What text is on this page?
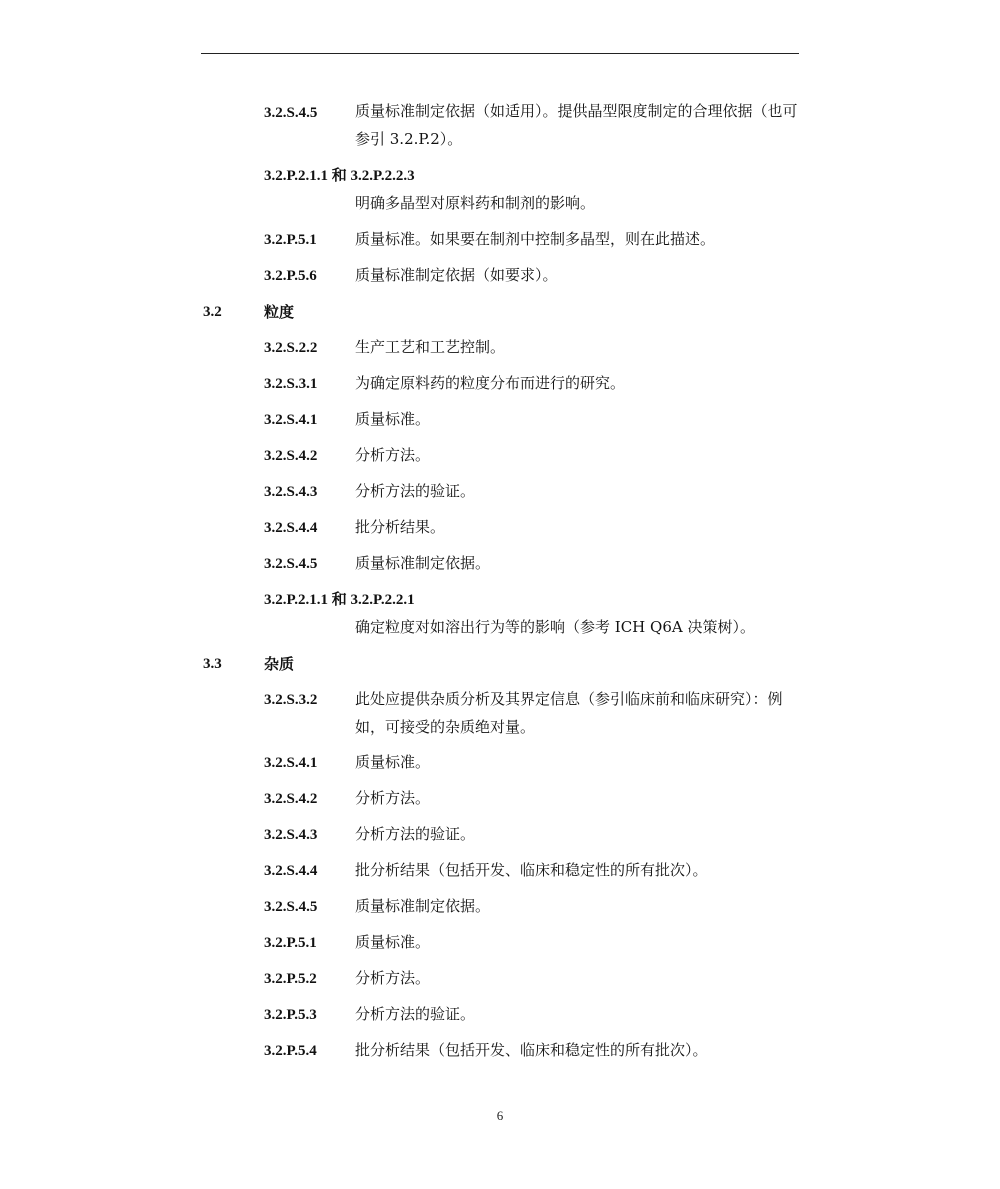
3.2.S.4.5	质量标准制定依据（如适用）。提供晶型限度制定的合理依据（也可参引 3.2.P.2）。
3.2.P.2.1.1 和 3.2.P.2.2.3
明确多晶型对原料药和制剂的影响。
3.2.P.5.1	质量标准。如果要在制剂中控制多晶型，则在此描述。
3.2.P.5.6	质量标准制定依据（如要求）。
3.2	粒度
3.2.S.2.2	生产工艺和工艺控制。
3.2.S.3.1	为确定原料药的粒度分布而进行的研究。
3.2.S.4.1	质量标准。
3.2.S.4.2	分析方法。
3.2.S.4.3	分析方法的验证。
3.2.S.4.4	批分析结果。
3.2.S.4.5	质量标准制定依据。
3.2.P.2.1.1 和 3.2.P.2.2.1
确定粒度对如溶出行为等的影响（参考 ICH Q6A 决策树）。
3.3	杂质
3.2.S.3.2	此处应提供杂质分析及其界定信息（参引临床前和临床研究）：例如，可接受的杂质绝对量。
3.2.S.4.1	质量标准。
3.2.S.4.2	分析方法。
3.2.S.4.3	分析方法的验证。
3.2.S.4.4	批分析结果（包括开发、临床和稳定性的所有批次）。
3.2.S.4.5	质量标准制定依据。
3.2.P.5.1	质量标准。
3.2.P.5.2	分析方法。
3.2.P.5.3	分析方法的验证。
3.2.P.5.4	批分析结果（包括开发、临床和稳定性的所有批次）。
6
